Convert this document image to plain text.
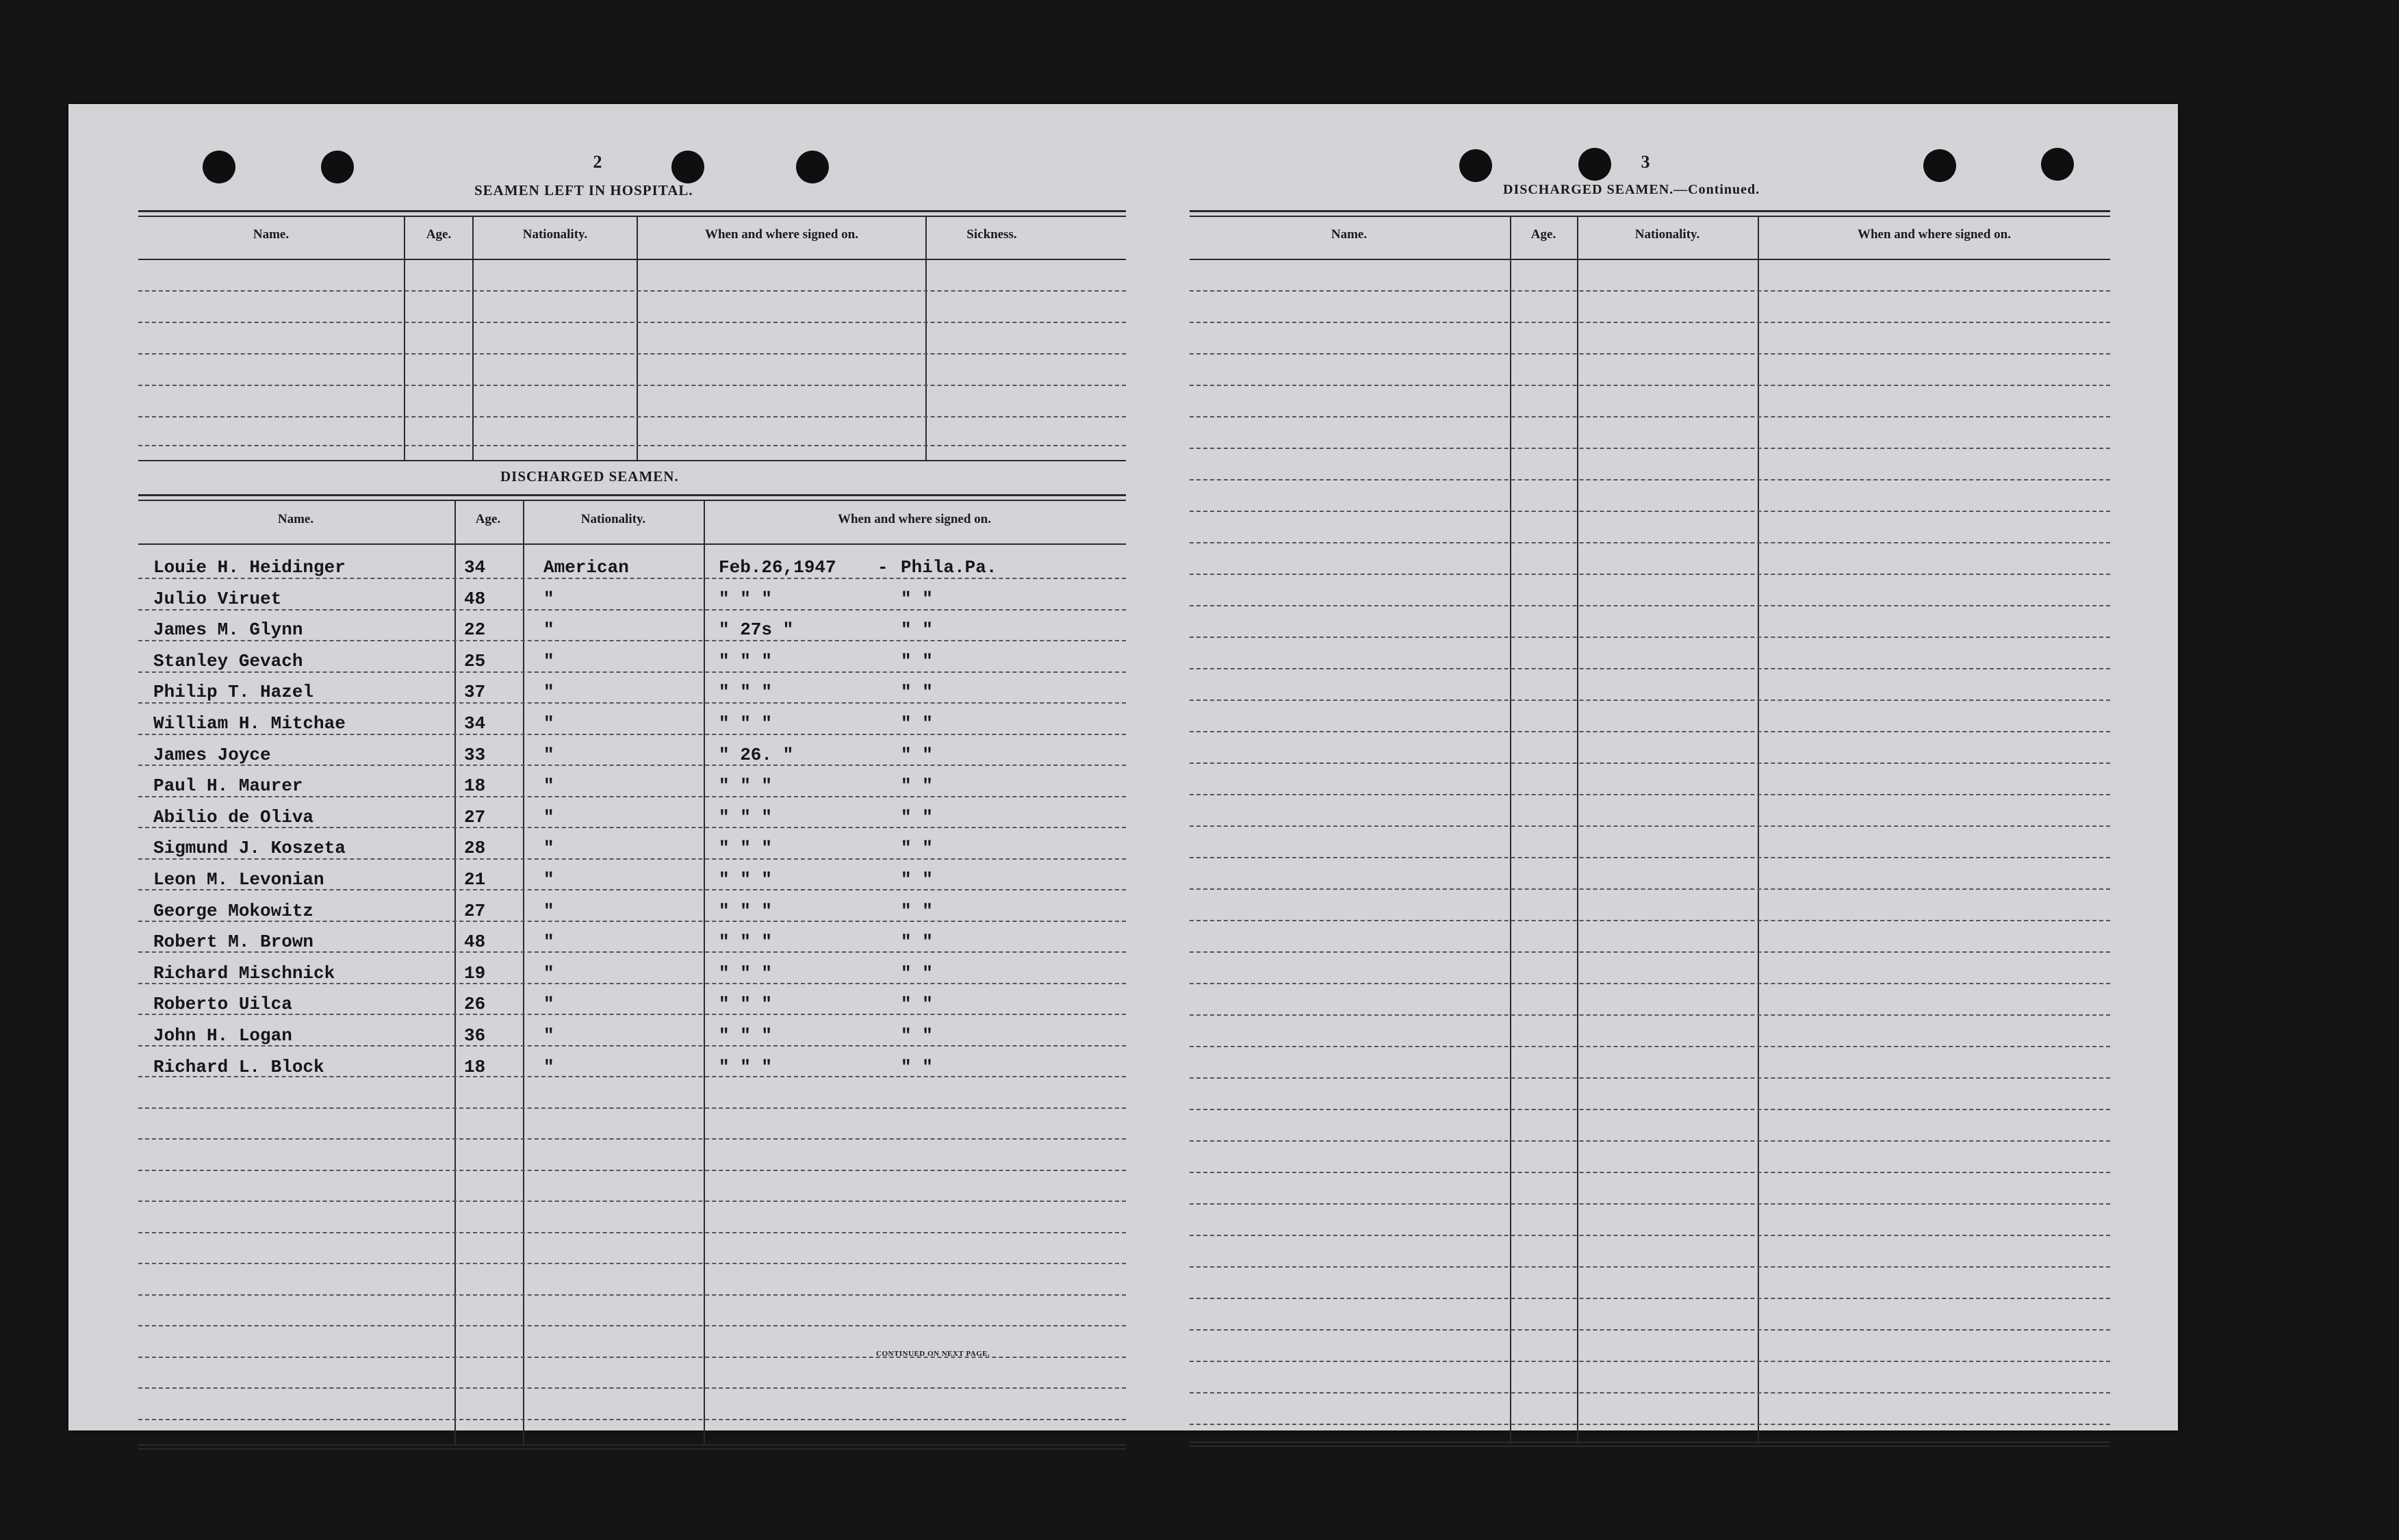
2
SEAMEN LEFT IN HOSPITAL.
Name.	Age.	Nationality.	When and where signed on.	Sickness.
DISCHARGED SEAMEN.
Name.	Age.	Nationality.	When and where signed on.
Louie H. Heidinger	34	American	Feb.26,1947 - Phila.Pa.
Julio Viruet	48	"	" " "	" "
James M. Glynn	22	"	" 27s "	" "
Stanley Gevach	25	"	" " "	" "
Philip T. Hazel	37	"	" " "	" "
William H. Mitchae	34	"	" " "	" "
James Joyce	33	"	" 26. "	" "
Paul H. Maurer	18	"	" " "	" "
Abilio de Oliva	27	"	" " "	" "
Sigmund J. Koszeta	28	"	" " "	" "
Leon M. Levonian	21	"	" " "	" "
George Mokowitz	27	"	" " "	" "
Robert M. Brown	48	"	" " "	" "
Richard Mischnick	19	"	" " "	" "
Roberto Uilca	26	"	" " "	" "
John H. Logan	36	"	" " "	" "
Richard L. Block	18	"	" " "	" "
CONTINUED ON NEXT PAGE.
3
DISCHARGED SEAMEN.—Continued.
Name.	Age.	Nationality.	When and where signed on.
